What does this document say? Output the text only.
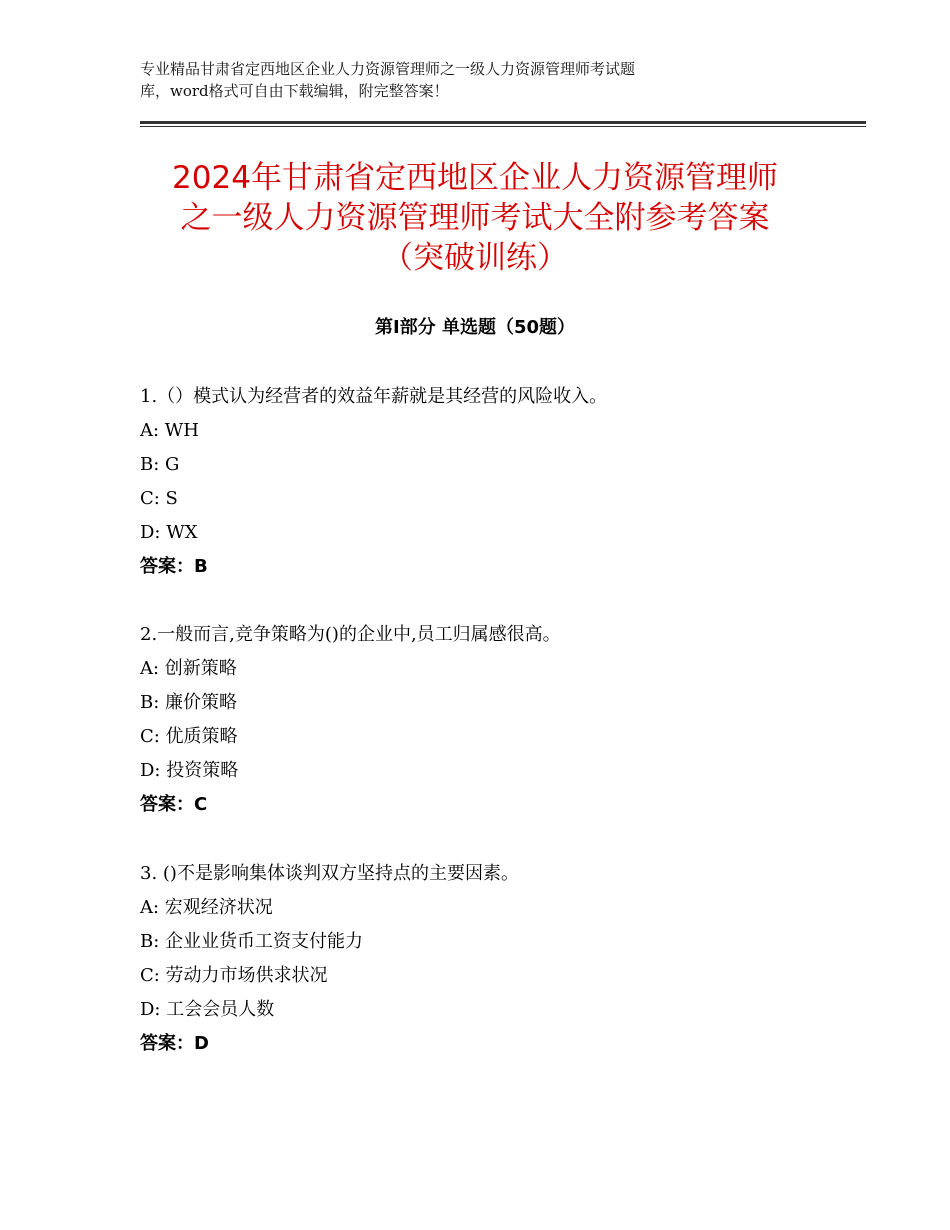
专业精品甘肃省定西地区企业人力资源管理师之一级人力资源管理师考试题
库，word格式可自由下载编辑，附完整答案！
2024年甘肃省定西地区企业人力资源管理师
之一级人力资源管理师考试大全附参考答案
（突破训练）
第Ⅰ部分 单选题（50题）
1.（）模式认为经营者的效益年薪就是其经营的风险收入。
A: WH
B: G
C: S
D: WX
答案：B
2.一般而言,竞争策略为()的企业中,员工归属感很高。
A: 创新策略
B: 廉价策略
C: 优质策略
D: 投资策略
答案：C
3. ()不是影响集体谈判双方坚持点的主要因素。
A: 宏观经济状况
B: 企业业货币工资支付能力
C: 劳动力市场供求状况
D: 工会会员人数
答案：D
